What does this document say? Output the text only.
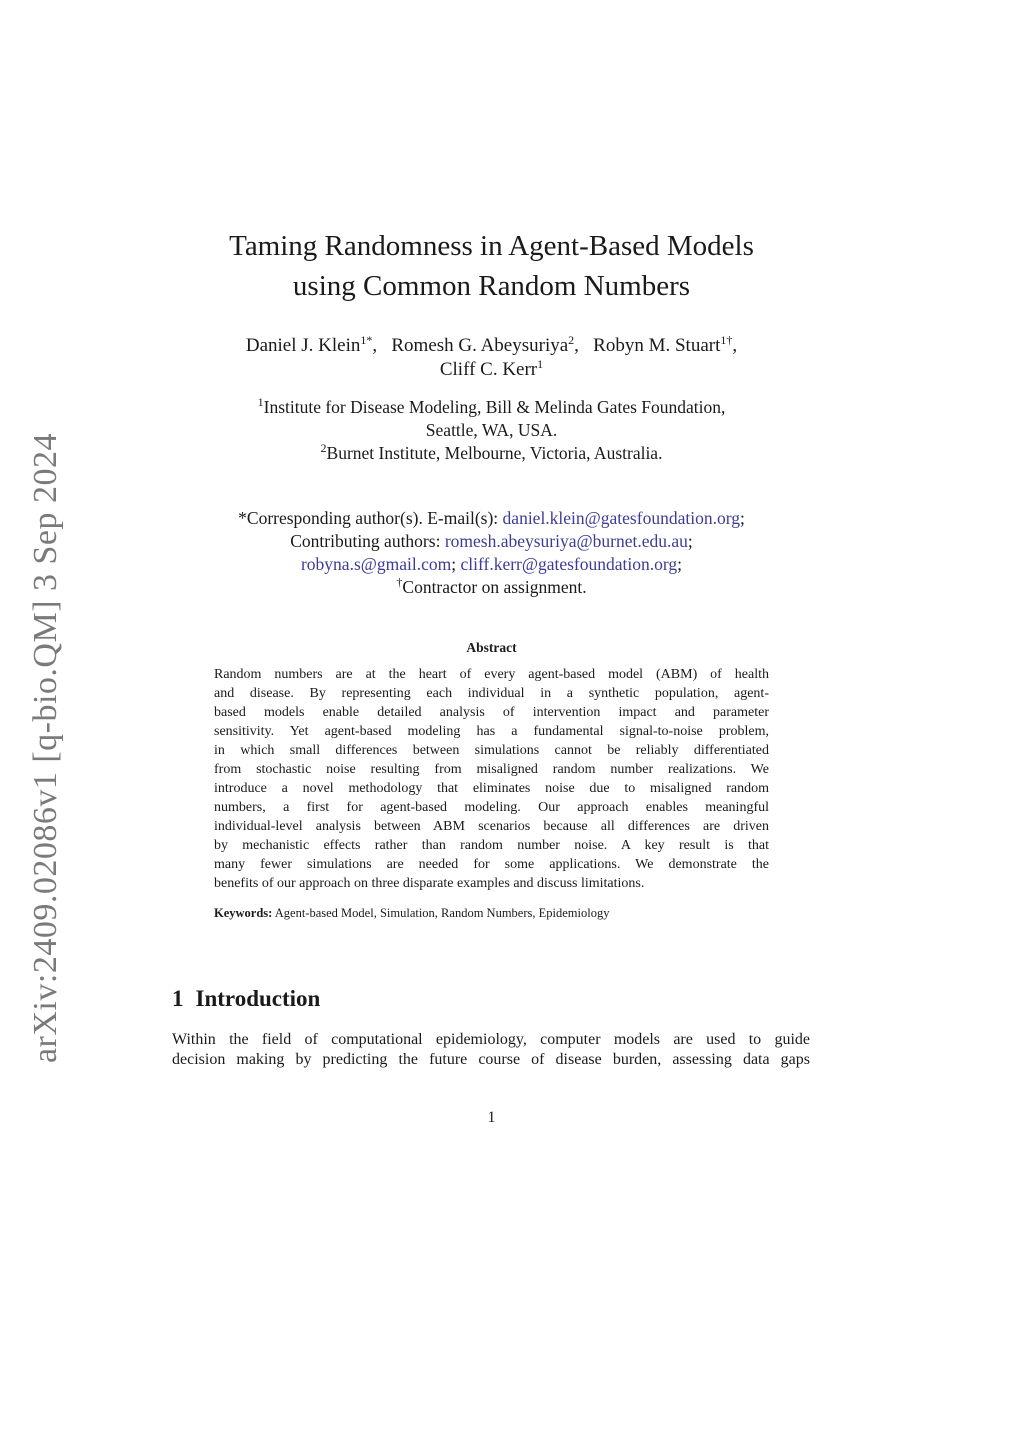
arXiv:2409.02086v1 [q-bio.QM] 3 Sep 2024
Taming Randomness in Agent-Based Models
using Common Random Numbers
Daniel J. Klein$^{1*}$,   Romesh G. Abeysuriya$^2$,   Robyn M. Stuart$^{1\dagger}$,
Cliff C. Kerr$^1$
$^1$Institute for Disease Modeling, Bill & Melinda Gates Foundation,
Seattle, WA, USA.
$^2$Burnet Institute, Melbourne, Victoria, Australia.
*Corresponding author(s). E-mail(s): daniel.klein@gatesfoundation.org;
Contributing authors: romesh.abeysuriya@burnet.edu.au;
robyna.s@gmail.com; cliff.kerr@gatesfoundation.org;
†Contractor on assignment.
Abstract
Random numbers are at the heart of every agent-based model (ABM) of health
and disease. By representing each individual in a synthetic population, agent-
based models enable detailed analysis of intervention impact and parameter
sensitivity. Yet agent-based modeling has a fundamental signal-to-noise problem,
in which small differences between simulations cannot be reliably differentiated
from stochastic noise resulting from misaligned random number realizations. We
introduce a novel methodology that eliminates noise due to misaligned random
numbers, a first for agent-based modeling. Our approach enables meaningful
individual-level analysis between ABM scenarios because all differences are driven
by mechanistic effects rather than random number noise. A key result is that
many fewer simulations are needed for some applications. We demonstrate the
benefits of our approach on three disparate examples and discuss limitations.
Keywords: Agent-based Model, Simulation, Random Numbers, Epidemiology
1 Introduction
Within the field of computational epidemiology, computer models are used to guide
decision making by predicting the future course of disease burden, assessing data gaps
1
